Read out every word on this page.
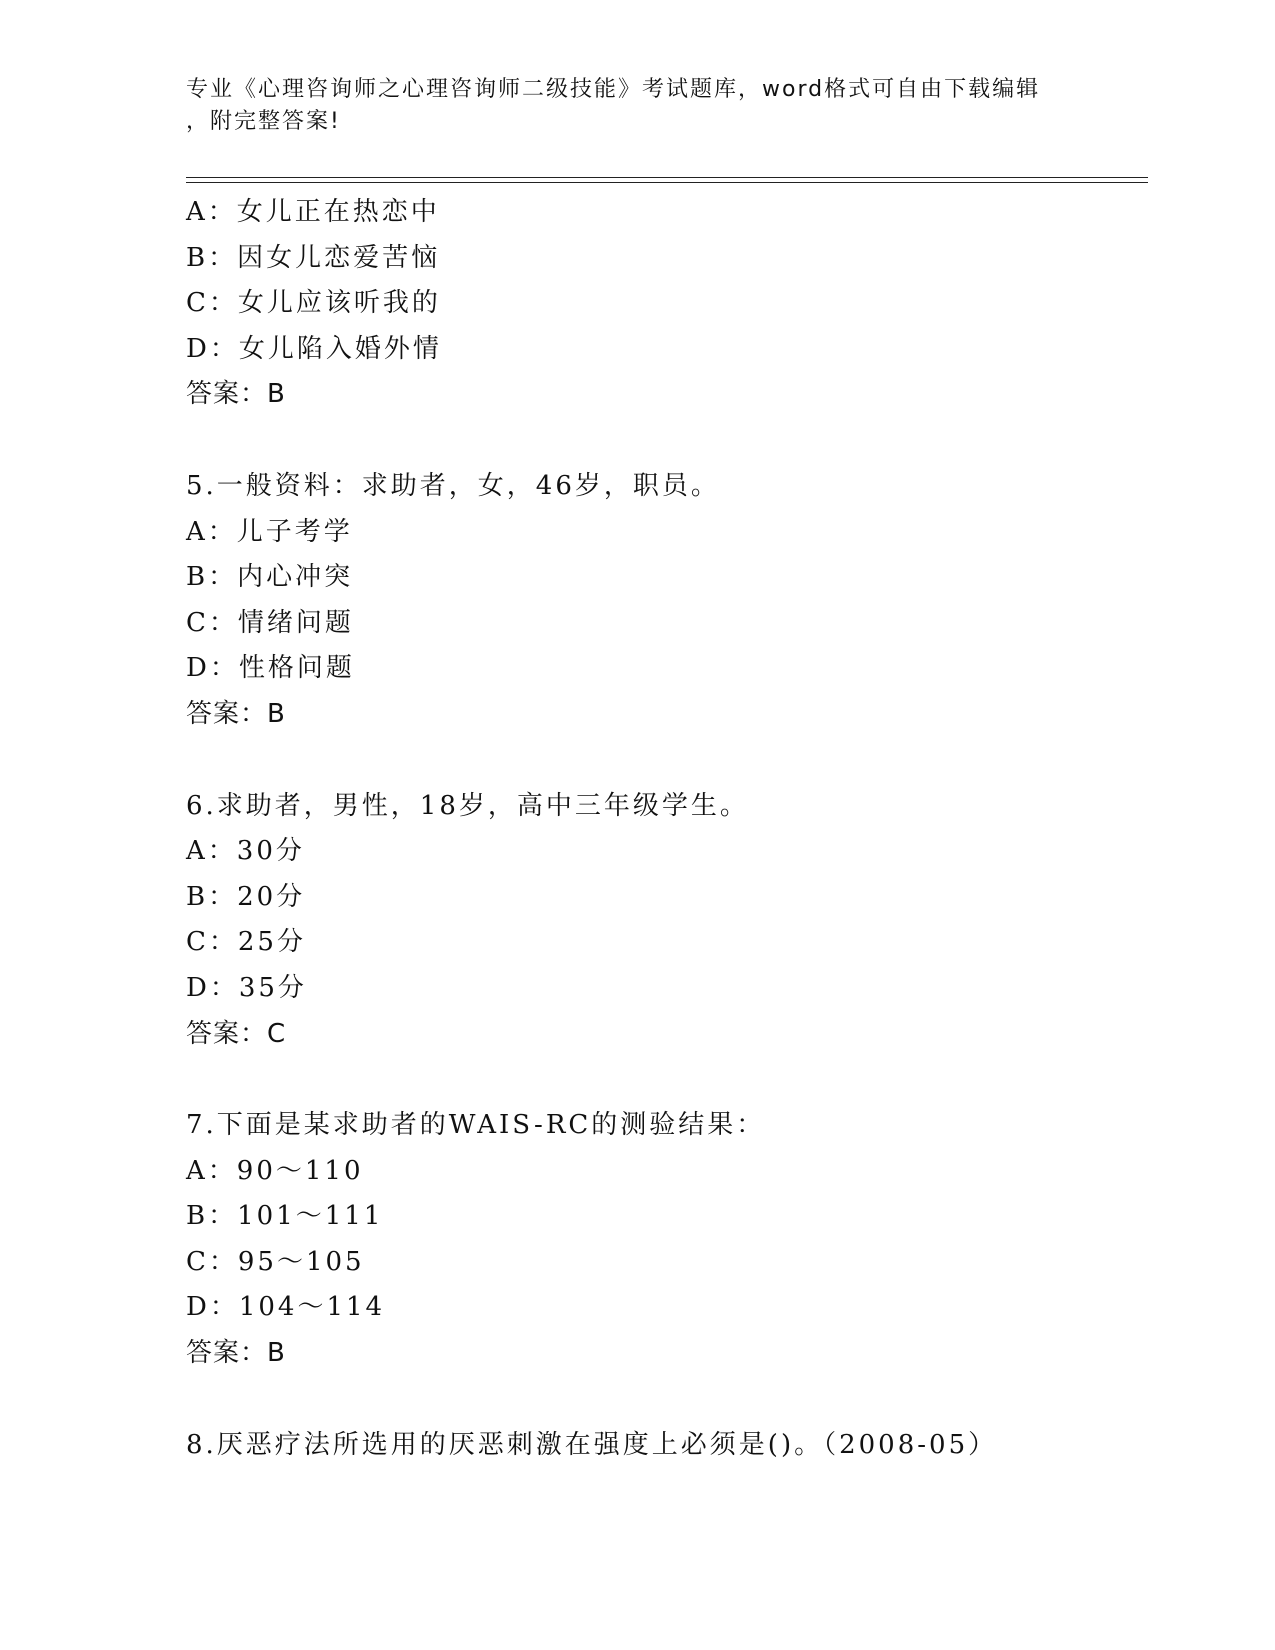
专业《心理咨询师之心理咨询师二级技能》考试题库，word格式可自由下载编辑
，附完整答案!
A：女儿正在热恋中
B：因女儿恋爱苦恼
C：女儿应该听我的
D：女儿陷入婚外情
答案：B
5.一般资料：求助者，女，46岁，职员。
A：儿子考学
B：内心冲突
C：情绪问题
D：性格问题
答案：B
6.求助者，男性，18岁，高中三年级学生。
A：30分
B：20分
C：25分
D：35分
答案：C
7.下面是某求助者的WAIS-RC的测验结果：
A：90～110
B：101～111
C：95～105
D：104～114
答案：B
8.厌恶疗法所选用的厌恶刺激在强度上必须是()。（2008-05）
